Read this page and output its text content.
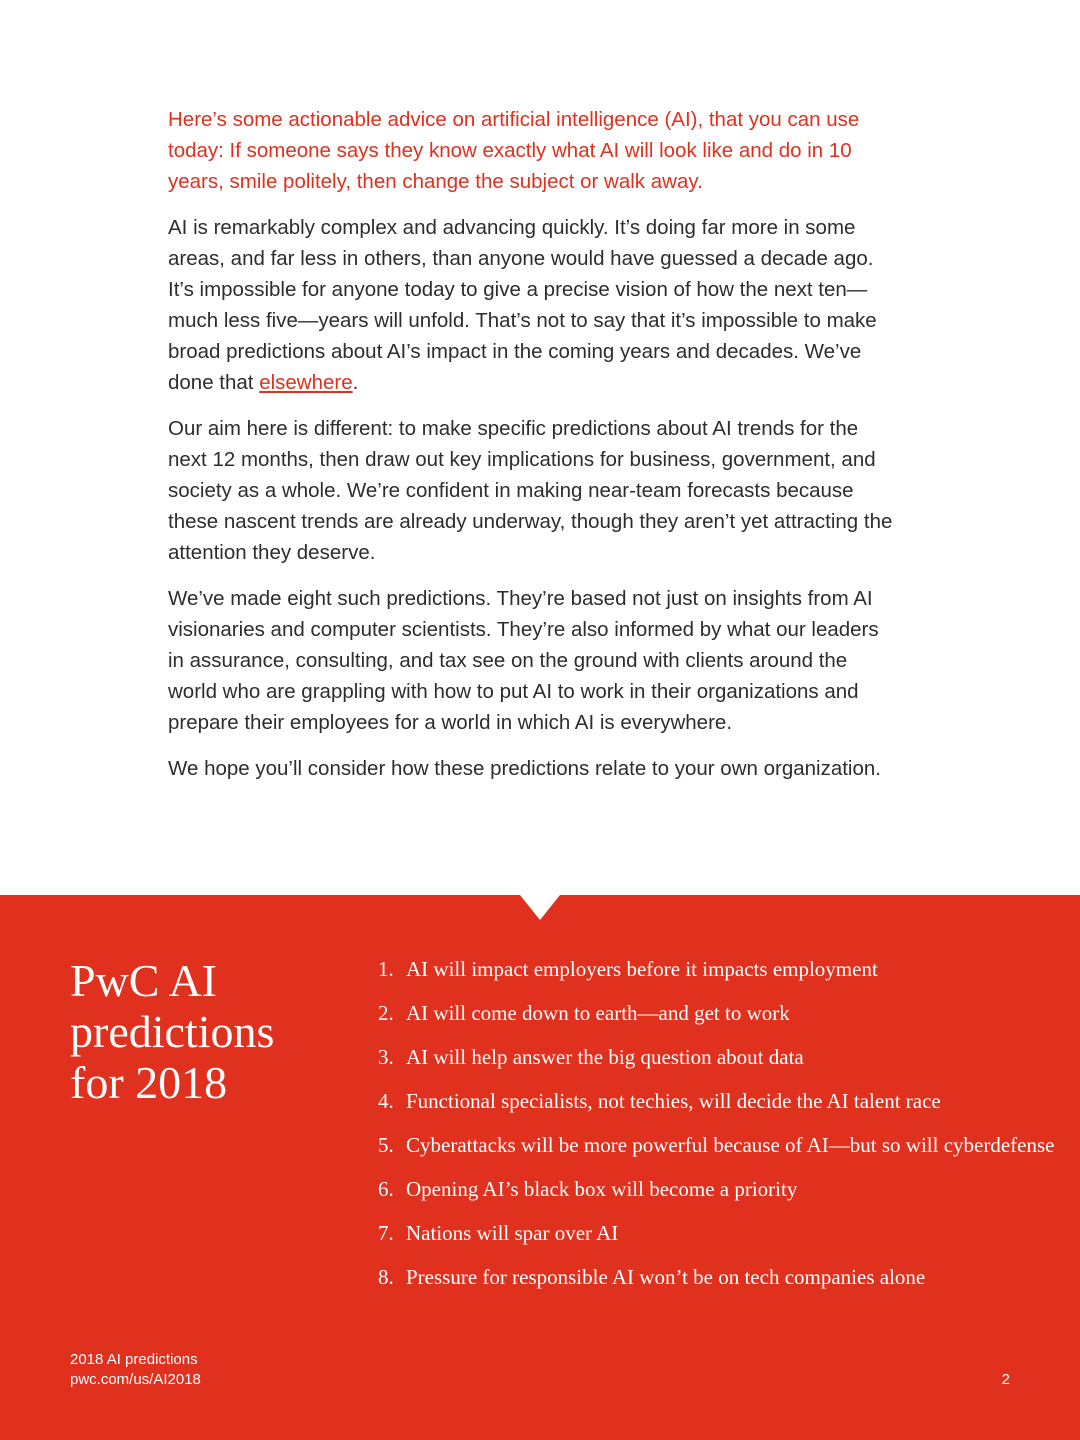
Here’s some actionable advice on artificial intelligence (AI), that you can use today: If someone says they know exactly what AI will look like and do in 10 years, smile politely, then change the subject or walk away.

AI is remarkably complex and advancing quickly. It’s doing far more in some areas, and far less in others, than anyone would have guessed a decade ago. It’s impossible for anyone today to give a precise vision of how the next ten—much less five—years will unfold. That’s not to say that it’s impossible to make broad predictions about AI’s impact in the coming years and decades. We’ve done that elsewhere.

Our aim here is different: to make specific predictions about AI trends for the next 12 months, then draw out key implications for business, government, and society as a whole. We’re confident in making near-team forecasts because these nascent trends are already underway, though they aren’t yet attracting the attention they deserve.

We’ve made eight such predictions. They’re based not just on insights from AI visionaries and computer scientists. They’re also informed by what our leaders in assurance, consulting, and tax see on the ground with clients around the world who are grappling with how to put AI to work in their organizations and prepare their employees for a world in which AI is everywhere.

We hope you’ll consider how these predictions relate to your own organization.

PwC AI
predictions
for 2018
1. AI will impact employers before it impacts employment
2. AI will come down to earth—and get to work
3. AI will help answer the big question about data
4. Functional specialists, not techies, will decide the AI talent race
5. Cyberattacks will be more powerful because of AI—but so will cyberdefense
6. Opening AI’s black box will become a priority
7. Nations will spar over AI
8. Pressure for responsible AI won’t be on tech companies alone
2018 AI predictions
pwc.com/us/AI2018	2
